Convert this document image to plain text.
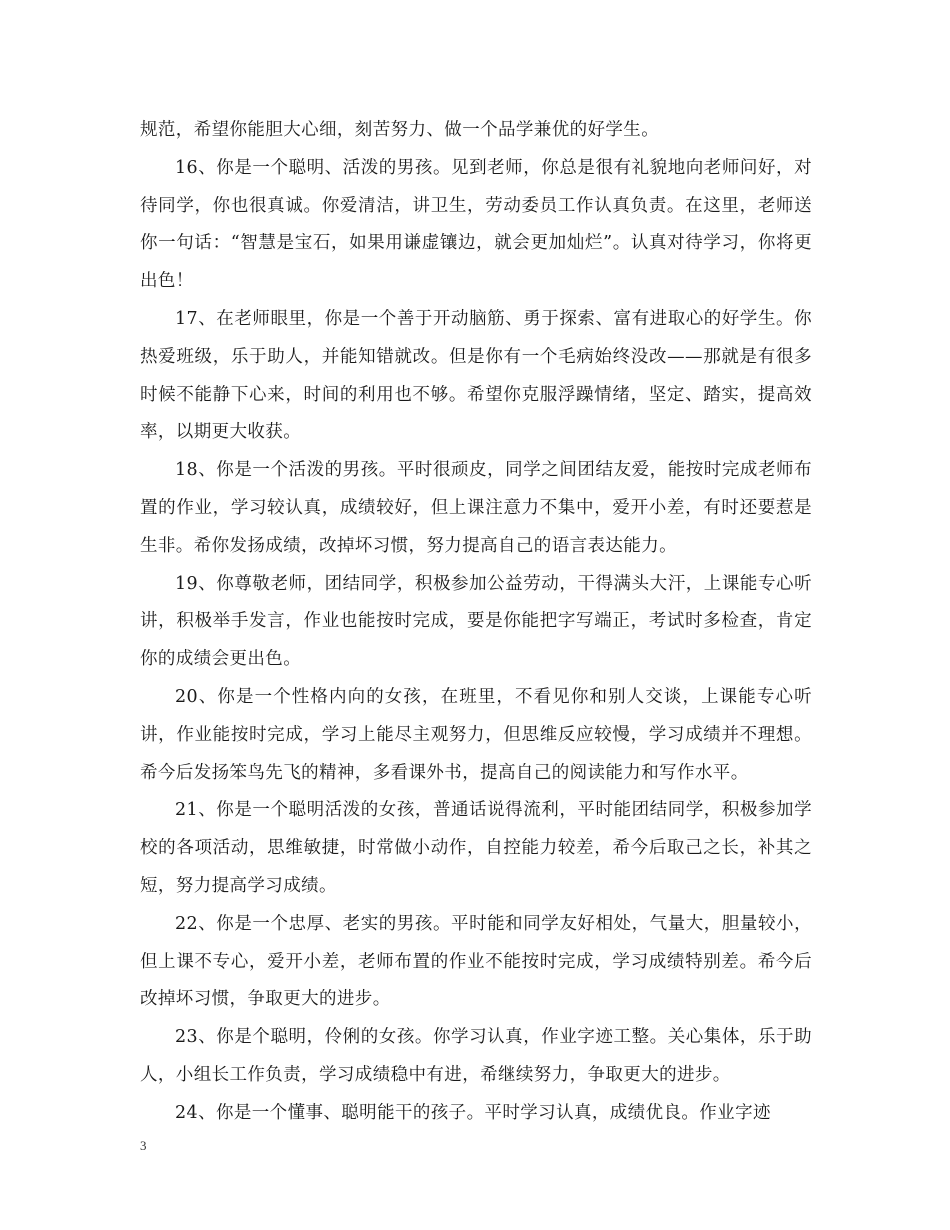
规范，希望你能胆大心细，刻苦努力、做一个品学兼优的好学生。

16、你是一个聪明、活泼的男孩。见到老师，你总是很有礼貌地向老师问好，对待同学，你也很真诚。你爱清洁，讲卫生，劳动委员工作认真负责。在这里，老师送你一句话：“智慧是宝石，如果用谦虚镶边，就会更加灿烂”。认真对待学习，你将更出色！

17、在老师眼里，你是一个善于开动脑筋、勇于探索、富有进取心的好学生。你热爱班级，乐于助人，并能知错就改。但是你有一个毛病始终没改——那就是有很多时候不能静下心来，时间的利用也不够。希望你克服浮躁情绪，坚定、踏实，提高效率，以期更大收获。

18、你是一个活泼的男孩。平时很顽皮，同学之间团结友爱，能按时完成老师布置的作业，学习较认真，成绩较好，但上课注意力不集中，爱开小差，有时还要惹是生非。希你发扬成绩，改掉坏习惯，努力提高自己的语言表达能力。

19、你尊敬老师，团结同学，积极参加公益劳动，干得满头大汗，上课能专心听讲，积极举手发言，作业也能按时完成，要是你能把字写端正，考试时多检查，肯定你的成绩会更出色。

20、你是一个性格内向的女孩，在班里，不看见你和别人交谈，上课能专心听讲，作业能按时完成，学习上能尽主观努力，但思维反应较慢，学习成绩并不理想。希今后发扬笨鸟先飞的精神，多看课外书，提高自己的阅读能力和写作水平。

21、你是一个聪明活泼的女孩，普通话说得流利，平时能团结同学，积极参加学校的各项活动，思维敏捷，时常做小动作，自控能力较差，希今后取己之长，补其之短，努力提高学习成绩。

22、你是一个忠厚、老实的男孩。平时能和同学友好相处，气量大，胆量较小，但上课不专心，爱开小差，老师布置的作业不能按时完成，学习成绩特别差。希今后改掉坏习惯，争取更大的进步。

23、你是个聪明，伶俐的女孩。你学习认真，作业字迹工整。关心集体，乐于助人，小组长工作负责，学习成绩稳中有进，希继续努力，争取更大的进步。

24、你是一个懂事、聪明能干的孩子。平时学习认真，成绩优良。作业字迹

3
